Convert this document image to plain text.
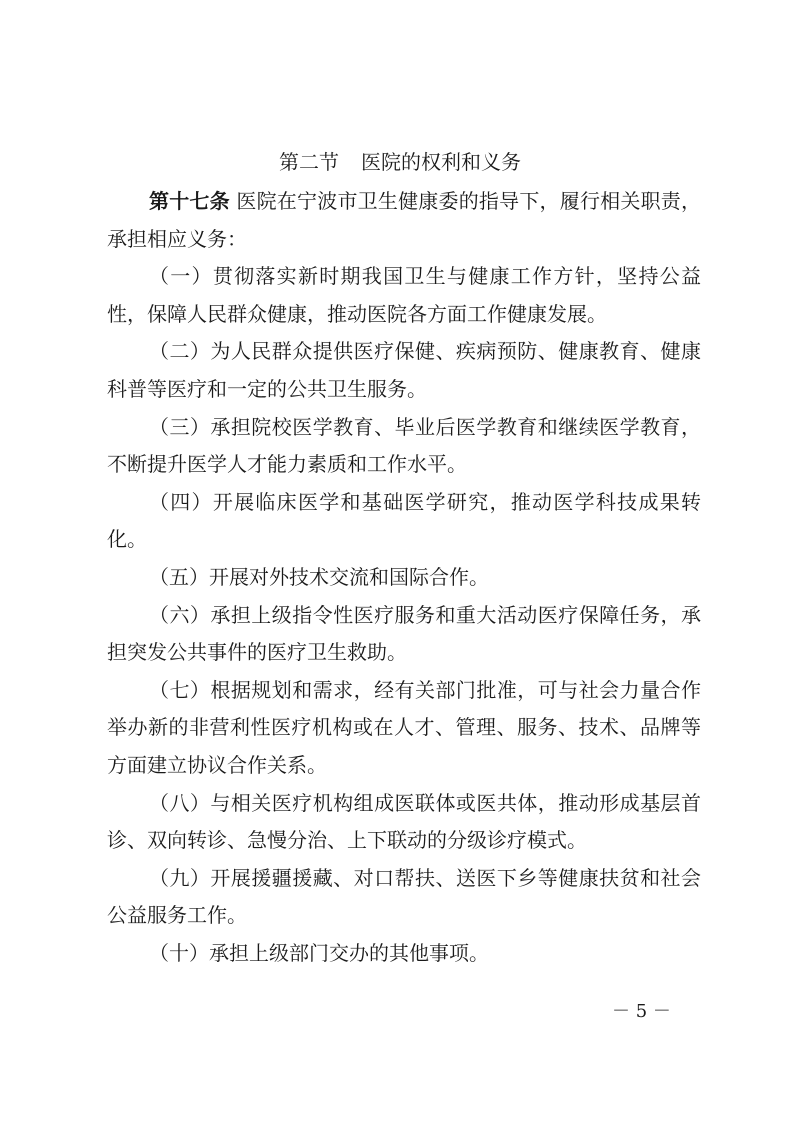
第二节 医院的权利和义务

第十七条 医院在宁波市卫生健康委的指导下，履行相关职责，承担相应义务：

（一）贯彻落实新时期我国卫生与健康工作方针，坚持公益性，保障人民群众健康，推动医院各方面工作健康发展。

（二）为人民群众提供医疗保健、疾病预防、健康教育、健康科普等医疗和一定的公共卫生服务。

（三）承担院校医学教育、毕业后医学教育和继续医学教育，不断提升医学人才能力素质和工作水平。

（四）开展临床医学和基础医学研究，推动医学科技成果转化。

（五）开展对外技术交流和国际合作。

（六）承担上级指令性医疗服务和重大活动医疗保障任务，承担突发公共事件的医疗卫生救助。

（七）根据规划和需求，经有关部门批准，可与社会力量合作举办新的非营利性医疗机构或在人才、管理、服务、技术、品牌等方面建立协议合作关系。

（八）与相关医疗机构组成医联体或医共体，推动形成基层首诊、双向转诊、急慢分治、上下联动的分级诊疗模式。

（九）开展援疆援藏、对口帮扶、送医下乡等健康扶贫和社会公益服务工作。

（十）承担上级部门交办的其他事项。

－ 5 －
